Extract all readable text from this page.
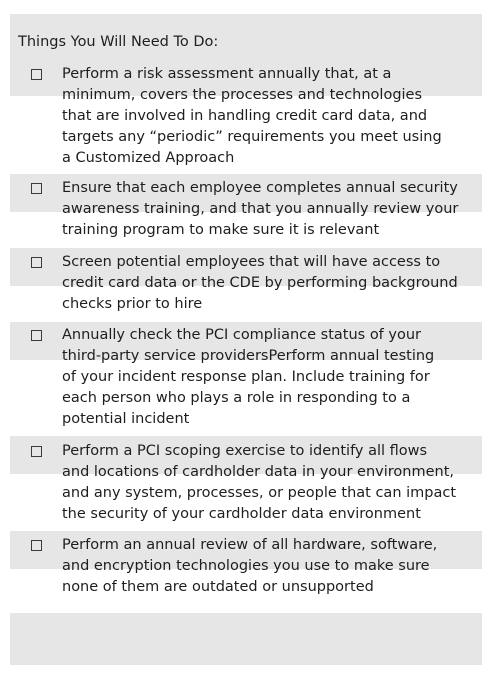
Things You Will Need To Do:
Perform a risk assessment annually that, at a
minimum, covers the processes and technologies
that are involved in handling credit card data, and
targets any “periodic” requirements you meet using
a Customized Approach
Ensure that each employee completes annual security
awareness training, and that you annually review your
training program to make sure it is relevant
Screen potential employees that will have access to
credit card data or the CDE by performing background
checks prior to hire
Annually check the PCI compliance status of your
third-party service providersPerform annual testing
of your incident response plan. Include training for
each person who plays a role in responding to a
potential incident
Perform a PCI scoping exercise to identify all flows
and locations of cardholder data in your environment,
and any system, processes, or people that can impact
the security of your cardholder data environment
Perform an annual review of all hardware, software,
and encryption technologies you use to make sure
none of them are outdated or unsupported
